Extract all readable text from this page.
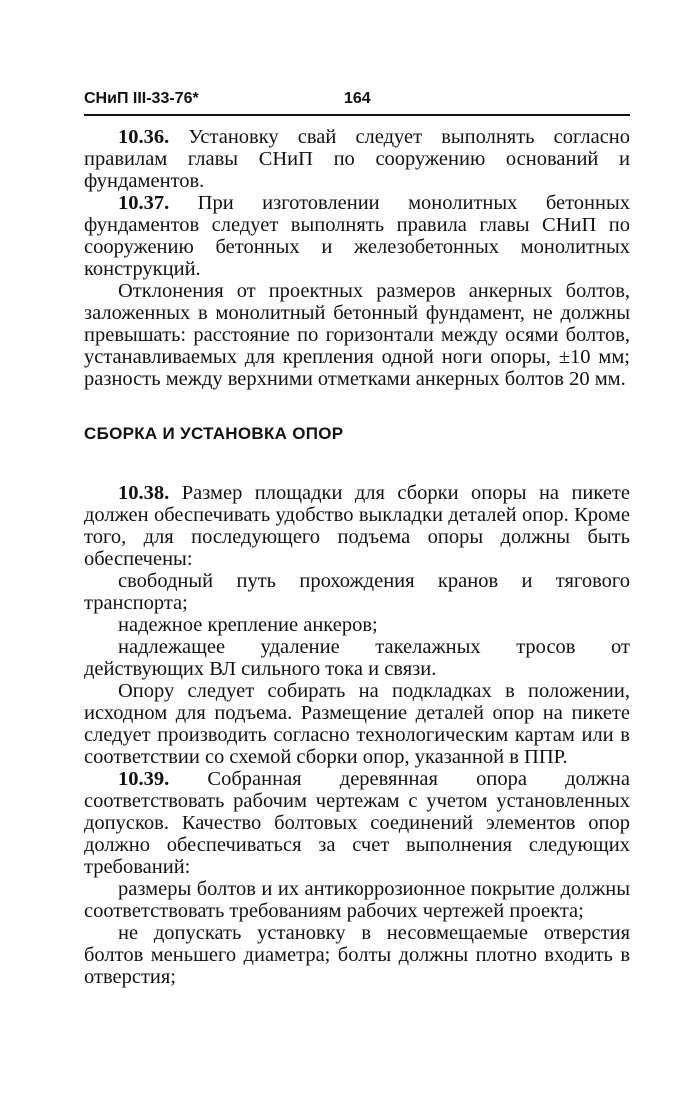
СНиП III-33-76*	164

10.36. Установку свай следует выполнять согласно правилам главы СНиП по сооружению оснований и фундаментов.

10.37. При изготовлении монолитных бетонных фундаментов следует выполнять правила главы СНиП по сооружению бетонных и железобетонных монолитных конструкций.

Отклонения от проектных размеров анкерных болтов, заложенных в монолитный бетонный фундамент, не должны превышать: расстояние по горизонтали между осями болтов, устанавливаемых для крепления одной ноги опоры, ±10 мм; разность между верхними отметками анкерных болтов 20 мм.

СБОРКА И УСТАНОВКА ОПОР

10.38. Размер площадки для сборки опоры на пикете должен обеспечивать удобство выкладки деталей опор. Кроме того, для последующего подъема опоры должны быть обеспечены:

свободный путь прохождения кранов и тягового транспорта;

надежное крепление анкеров;

надлежащее удаление такелажных тросов от действующих ВЛ сильного тока и связи.

Опору следует собирать на подкладках в положении, исходном для подъема. Размещение деталей опор на пикете следует производить согласно технологическим картам или в соответствии со схемой сборки опор, указанной в ППР.

10.39. Собранная деревянная опора должна соответствовать рабочим чертежам с учетом установленных допусков. Качество болтовых соединений элементов опор должно обеспечиваться за счет выполнения следующих требований:

размеры болтов и их антикоррозионное покрытие должны соответствовать требованиям рабочих чертежей проекта;

не допускать установку в несовмещаемые отверстия болтов меньшего диаметра; болты должны плотно входить в отверстия;
